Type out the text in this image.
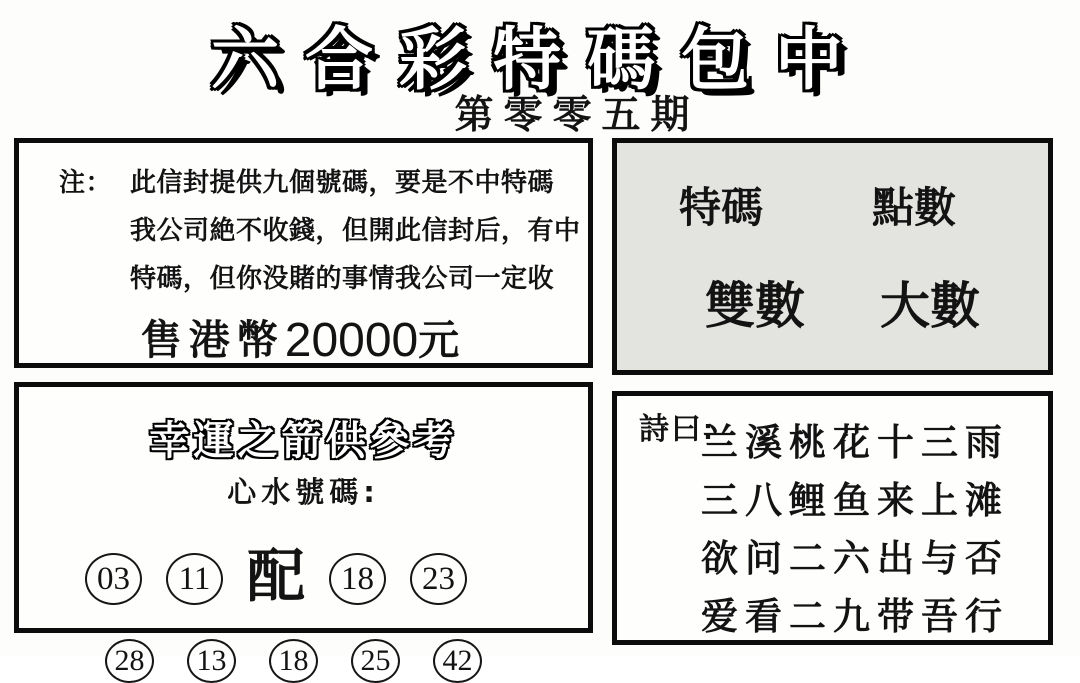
六合彩特碼包中
第零零五期
注： 此信封提供九個號碼，要是不中特碼
我公司絶不收錢，但開此信封后，有中
特碼，但你没賭的事情我公司一定收
售港幣20000元
特碼	點數
雙數 大數
幸運之箭供參考
心水號碼:
03	11 配	18	23
28	13	18	25	42
詩曰:
兰溪桃花十三雨
三八鲤鱼来上滩
欲问二六出与否
爱看二九带吾行
